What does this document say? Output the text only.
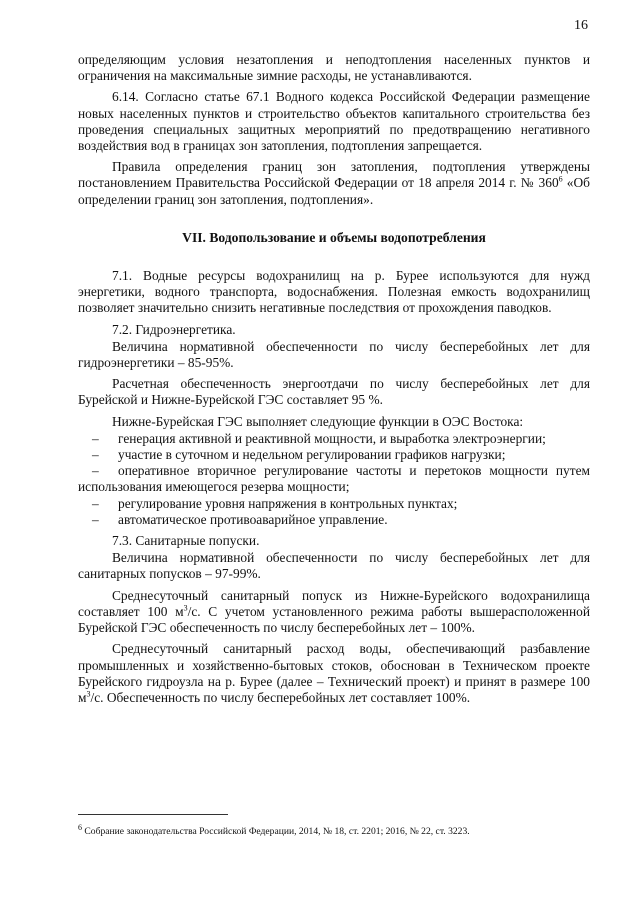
16

определяющим условия незатопления и неподтопления населенных пунктов и ограничения на максимальные зимние расходы, не устанавливаются.

6.14. Согласно статье 67.1 Водного кодекса Российской Федерации размещение новых населенных пунктов и строительство объектов капитального строительства без проведения специальных защитных мероприятий по предотвращению негативного воздействия вод в границах зон затопления, подтопления запрещается.

Правила определения границ зон затопления, подтопления утверждены постановлением Правительства Российской Федерации от 18 апреля 2014 г. № $360^6$ «Об определении границ зон затопления, подтопления».

VII. Водопользование и объемы водопотребления

7.1. Водные ресурсы водохранилищ на р. Бурее используются для нужд энергетики, водного транспорта, водоснабжения. Полезная емкость водохранилищ позволяет значительно снизить негативные последствия от прохождения паводков.

7.2. Гидроэнергетика.

Величина нормативной обеспеченности по числу бесперебойных лет для гидроэнергетики – 85-95%.

Расчетная обеспеченность энергоотдачи по числу бесперебойных лет для Бурейской и Нижне-Бурейской ГЭС составляет 95 %.

Нижне-Бурейская ГЭС выполняет следующие функции в ОЭС Востока:

– генерация активной и реактивной мощности, и выработка электроэнергии;

– участие в суточном и недельном регулировании графиков нагрузки;

– оперативное вторичное регулирование частоты и перетоков мощности путем использования имеющегося резерва мощности;

– регулирование уровня напряжения в контрольных пунктах;

– автоматическое противоаварийное управление.

7.3. Санитарные попуски.

Величина нормативной обеспеченности по числу бесперебойных лет для санитарных попусков – 97-99%.

Среднесуточный санитарный попуск из Нижне-Бурейского водохранилища составляет 100 $м^3/с$. С учетом установленного режима работы вышерасположенной Бурейской ГЭС обеспеченность по числу бесперебойных лет – 100%.

Среднесуточный санитарный расход воды, обеспечивающий разбавление промышленных и хозяйственно-бытовых стоков, обоснован в Техническом проекте Бурейского гидроузла на р. Бурее (далее – Технический проект) и принят в размере 100 $м^3/с$. Обеспеченность по числу бесперебойных лет составляет 100%.

$^6$ Собрание законодательства Российской Федерации, 2014, № 18, ст. 2201; 2016, № 22, ст. 3223.
